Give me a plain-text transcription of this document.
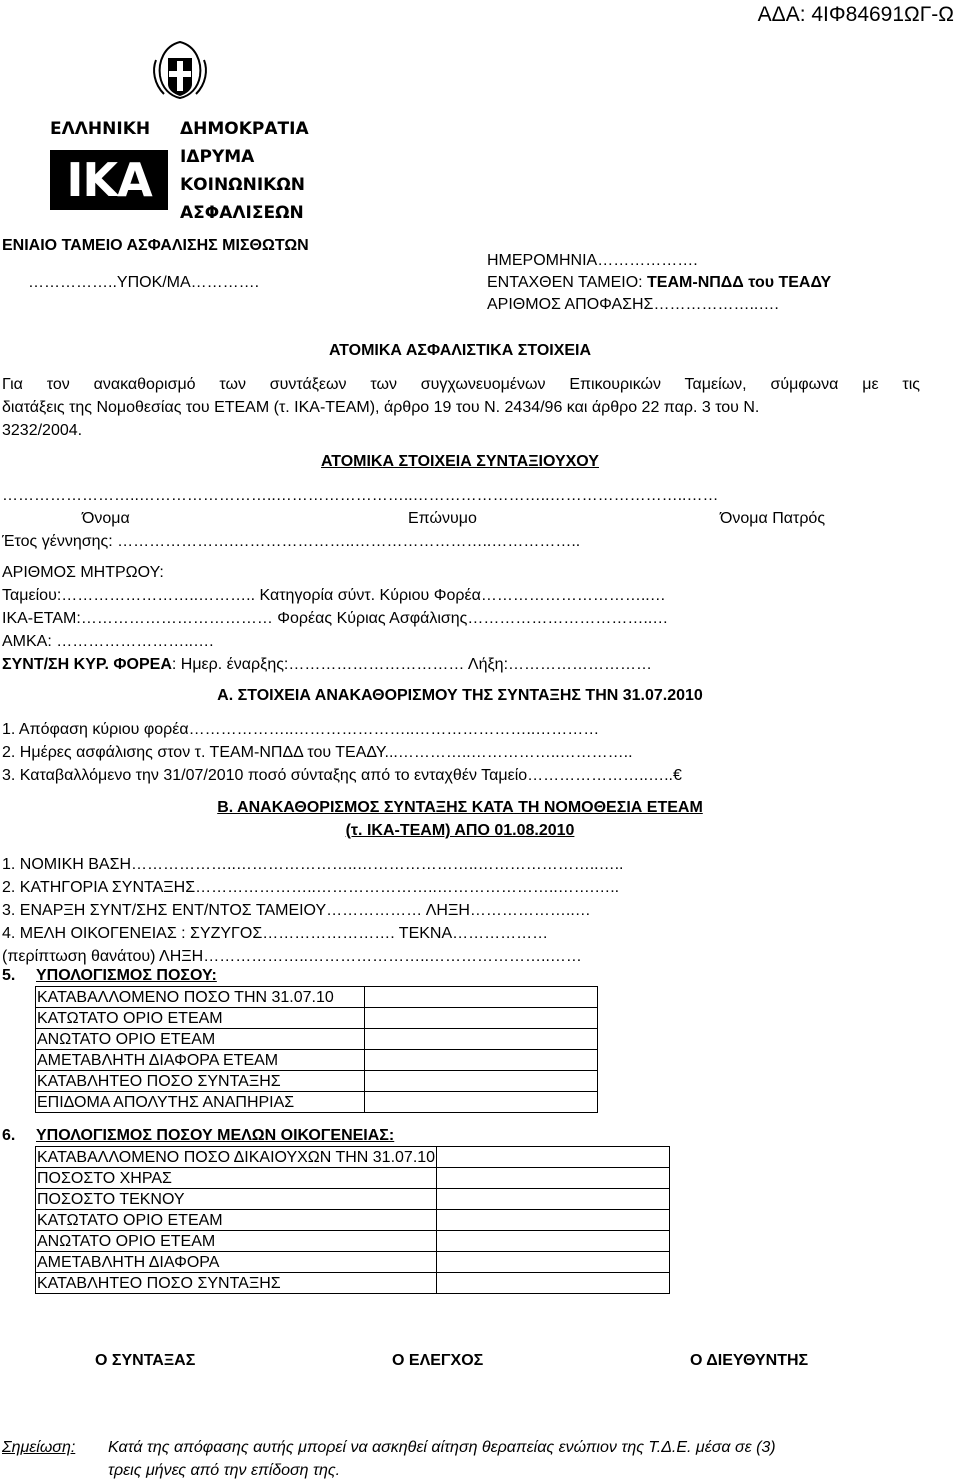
ΑΔΑ: 4ΙΦ84691ΩΓ-Ω
ΕΛΛΗΝΙΚΗ ΔΗΜΟΚΡΑΤΙΑ
IKA	ΙΔΡΥΜΑ
ΚΟΙΝΩΝΙΚΩΝ
ΑΣΦΑΛΙΣΕΩΝ
ΕΝΙΑΙΟ ΤΑΜΕΙΟ ΑΣΦΑΛΙΣΗΣ ΜΙΣΘΩΤΩΝ
ΗΜΕΡΟΜΗΝΙΑ……………….
……………..ΥΠΟΚ/ΜΑ………….	ΕΝΤΑΧΘΕΝ ΤΑΜΕΙΟ: ΤΕΑΜ-ΝΠΔΔ του ΤΕΑΔΥ
ΑΡΙΘΜΟΣ ΑΠΟΦΑΣΗΣ………………..….
ΑΤΟΜΙΚΑ ΑΣΦΑΛΙΣΤΙΚΑ ΣΤΟΙΧΕΙΑ
Για τον ανακαθορισμό των συντάξεων των συγχωνευομένων Επικουρικών Ταμείων, σύμφωνα με τις
διατάξεις της Νομοθεσίας του ΕΤΕΑΜ (τ. ΙΚΑ-ΤΕΑΜ), άρθρο 19 του Ν. 2434/96 και άρθρο 22 παρ. 3 του Ν.
3232/2004.
ΑΤΟΜΙΚΑ ΣΤΟΙΧΕΙΑ ΣΥΝΤΑΞΙΟΥΧΟΥ
……………………..……………………..……………………..……………………..……………………..……
Όνομα	Επώνυμο	Όνομα Πατρός
Έτος γέννησης: ………………….…………………..……………………..……………..
ΑΡΙΘΜΟΣ ΜΗΤΡΩΟΥ:
Ταμείου:……………………..……….. Κατηγορία σύντ. Κύριου Φορέα…………………………..…
ΙΚΑ-ΕΤΑΜ:……………………………… Φορέας Κύριας Ασφάλισης……………………………..…
ΑΜΚΑ: ……………………..….
ΣΥΝΤ/ΣΗ ΚΥΡ. ΦΟΡΕΑ: Ημερ. έναρξης:…………………………… Λήξη:………………………
Α. ΣΤΟΙΧΕΙΑ ΑΝΑΚΑΘΟΡΙΣΜΟΥ ΤΗΣ ΣΥΝΤΑΞΗΣ ΤΗΝ 31.07.2010
1. Απόφαση κύριου φορέα………………..…………………..…………………..…………
2. Ημέρες ασφάλισης στον τ. ΤΕΑΜ-ΝΠΔΔ του ΤΕΑΔΥ...…………..……………..…………..
3. Καταβαλλόμενο την 31/07/2010 ποσό σύνταξης από το ενταχθέν Ταμείο…………………..…..€
Β. ΑΝΑΚΑΘΟΡΙΣΜΟΣ ΣΥΝΤΑΞΗΣ ΚΑΤΑ ΤΗ ΝΟΜΟΘΕΣΙΑ ΕΤΕΑΜ
(τ. ΙΚΑ-ΤΕΑΜ) ΑΠΟ 01.08.2010
1. ΝΟΜΙΚΗ ΒΑΣΗ………………..…………………..…………………..…………………..…..
2. ΚΑΤΗΓΟΡΙΑ ΣΥΝΤΑΞΗΣ…………………..…………………..…………………..…….…..
3. ΕΝΑΡΞΗ ΣΥΝΤ/ΣΗΣ ΕΝΤ/ΝΤΟΣ ΤΑΜΕΙΟΥ……………… ΛΗΞΗ………………..…
4. ΜΕΛΗ ΟΙΚΟΓΕΝΕΙΑΣ : ΣΥΖΥΓΟΣ……………………. ΤΕΚΝΑ………………
(περίπτωση θανάτου) ΛΗΞΗ………………..…………………..…………………..……
5. ΥΠΟΛΟΓΙΣΜΟΣ ΠΟΣΟΥ:
ΚΑΤΑΒΑΛΛΟΜΕΝΟ ΠΟΣΟ ΤΗΝ 31.07.10	
ΚΑΤΩΤΑΤΟ ΟΡΙΟ ΕΤΕΑΜ	
ΑΝΩΤΑΤΟ ΟΡΙΟ ΕΤΕΑΜ	
ΑΜΕΤΑΒΛΗΤΗ ΔΙΑΦΟΡΑ ΕΤΕΑΜ	
ΚΑΤΑΒΛΗΤΕΟ ΠΟΣΟ ΣΥΝΤΑΞΗΣ	
ΕΠΙΔΟΜΑ ΑΠΟΛΥΤΗΣ ΑΝΑΠΗΡΙΑΣ	
6. ΥΠΟΛΟΓΙΣΜΟΣ ΠΟΣΟΥ ΜΕΛΩΝ ΟΙΚΟΓΕΝΕΙΑΣ:
ΚΑΤΑΒΑΛΛΟΜΕΝΟ ΠΟΣΟ ΔΙΚΑΙΟΥΧΩΝ ΤΗΝ 31.07.10	
ΠΟΣΟΣΤΟ ΧΗΡΑΣ	
ΠΟΣΟΣΤΟ ΤΕΚΝΟΥ	
ΚΑΤΩΤΑΤΟ ΟΡΙΟ ΕΤΕΑΜ	
ΑΝΩΤΑΤΟ ΟΡΙΟ ΕΤΕΑΜ	
ΑΜΕΤΑΒΛΗΤΗ ΔΙΑΦΟΡΑ	
ΚΑΤΑΒΛΗΤΕΟ ΠΟΣΟ ΣΥΝΤΑΞΗΣ	
Ο ΣΥΝΤΑΞΑΣ	Ο ΕΛΕΓΧΟΣ	Ο ΔΙΕΥΘΥΝΤΗΣ
Σημείωση: Κατά της απόφασης αυτής μπορεί να ασκηθεί αίτηση θεραπείας ενώπιον της Τ.Δ.Ε. μέσα σε (3)
τρεις μήνες από την επίδοση της.
